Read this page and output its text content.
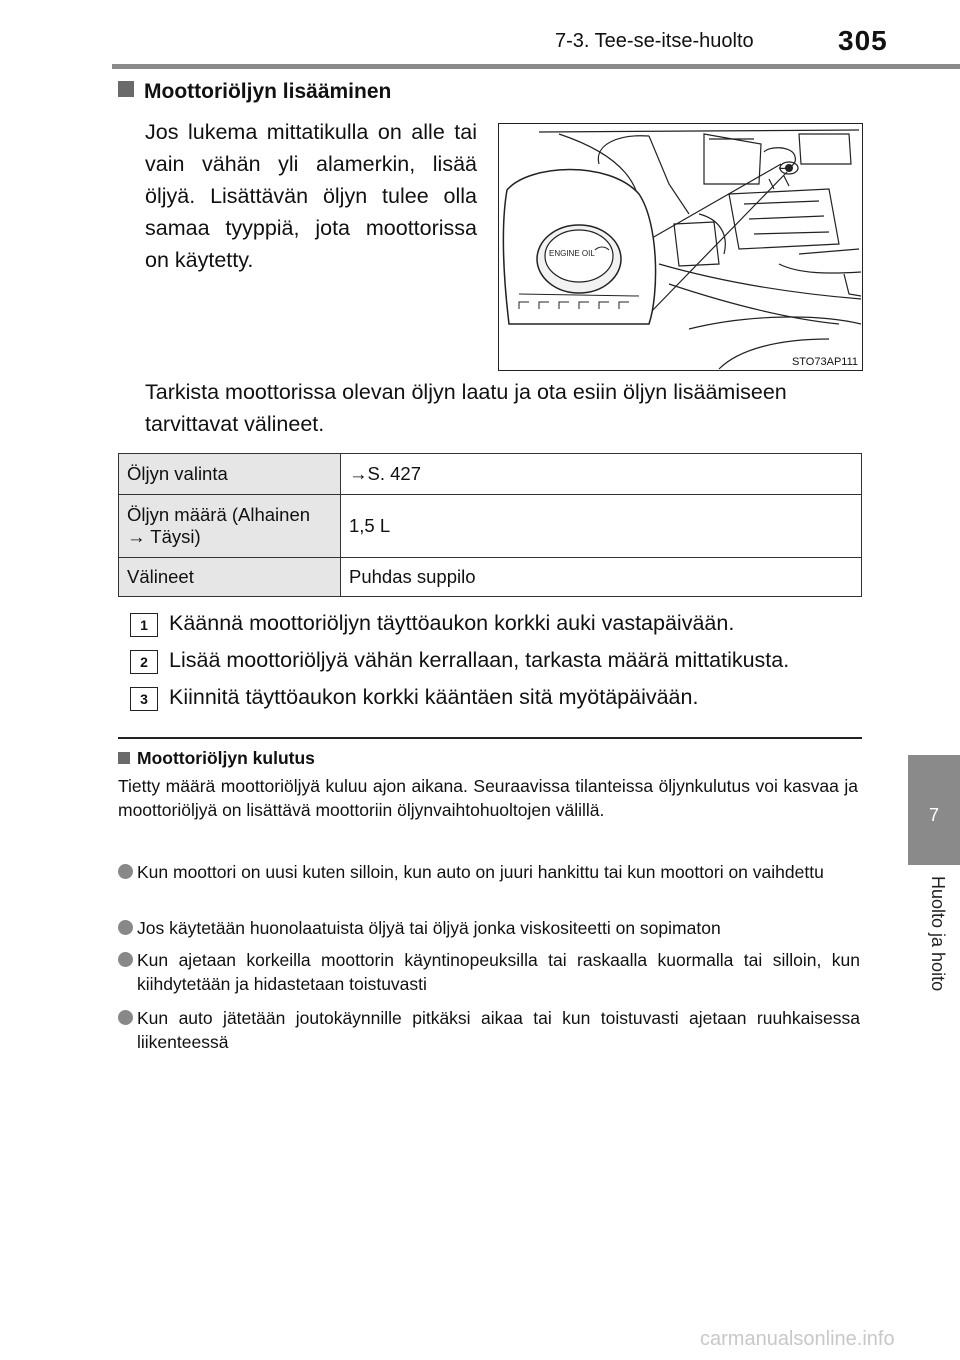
7-3. Tee-se-itse-huolto	305
7
Huolto ja hoito
Moottoriöljyn lisääminen
Jos lukema mittatikulla on alle tai vain vähän yli alamerkin, lisää öljyä. Lisättävän öljyn tulee olla samaa tyyppiä, jota moottorissa on käytetty.	ENGINE OIL
STO73AP111
Tarkista moottorissa olevan öljyn laatu ja ota esiin öljyn lisäämiseen tarvittavat välineet.
Öljyn valinta	→S. 427
Öljyn määrä (Alhainen → Täysi)	1,5 L
Välineet	Puhdas suppilo
1 Käännä moottoriöljyn täyttöaukon korkki auki vastapäivään.
2 Lisää moottoriöljyä vähän kerrallaan, tarkasta määrä mittatikusta.
3 Kiinnitä täyttöaukon korkki kääntäen sitä myötäpäivään.
Moottoriöljyn kulutus
Tietty määrä moottoriöljyä kuluu ajon aikana. Seuraavissa tilanteissa öljynkulutus voi kasvaa ja moottoriöljyä on lisättävä moottoriin öljynvaihtohuoltojen välillä.
Kun moottori on uusi kuten silloin, kun auto on juuri hankittu tai kun moottori on vaihdettu
Jos käytetään huonolaatuista öljyä tai öljyä jonka viskositeetti on sopimaton
Kun ajetaan korkeilla moottorin käyntinopeuksilla tai raskaalla kuormalla tai silloin, kun kiihdytetään ja hidastetaan toistuvasti
Kun auto jätetään joutokäynnille pitkäksi aikaa tai kun toistuvasti ajetaan ruuhkaisessa liikenteessä
carmanualsonline.info
